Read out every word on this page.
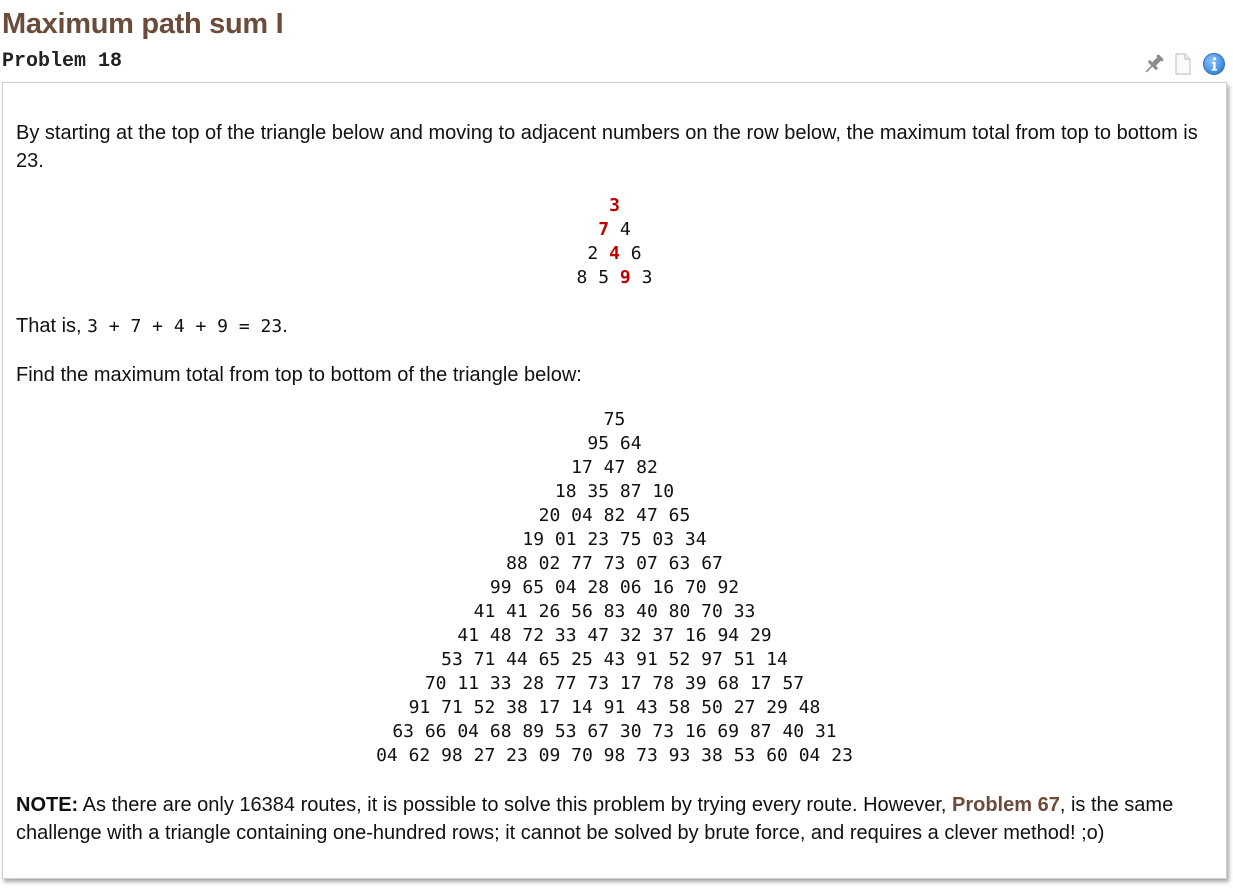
Maximum path sum I
Problem 18

By starting at the top of the triangle below and moving to adjacent numbers on the row below, the maximum total from top to bottom is 23.

3
7 4
2 4 6
8 5 9 3

That is, 3 + 7 + 4 + 9 = 23.

Find the maximum total from top to bottom of the triangle below:

75
95 64
17 47 82
18 35 87 10
20 04 82 47 65
19 01 23 75 03 34
88 02 77 73 07 63 67
99 65 04 28 06 16 70 92
41 41 26 56 83 40 80 70 33
41 48 72 33 47 32 37 16 94 29
53 71 44 65 25 43 91 52 97 51 14
70 11 33 28 77 73 17 78 39 68 17 57
91 71 52 38 17 14 91 43 58 50 27 29 48
63 66 04 68 89 53 67 30 73 16 69 87 40 31
04 62 98 27 23 09 70 98 73 93 38 53 60 04 23

NOTE: As there are only 16384 routes, it is possible to solve this problem by trying every route. However, Problem 67, is the same challenge with a triangle containing one-hundred rows; it cannot be solved by brute force, and requires a clever method! ;o)
